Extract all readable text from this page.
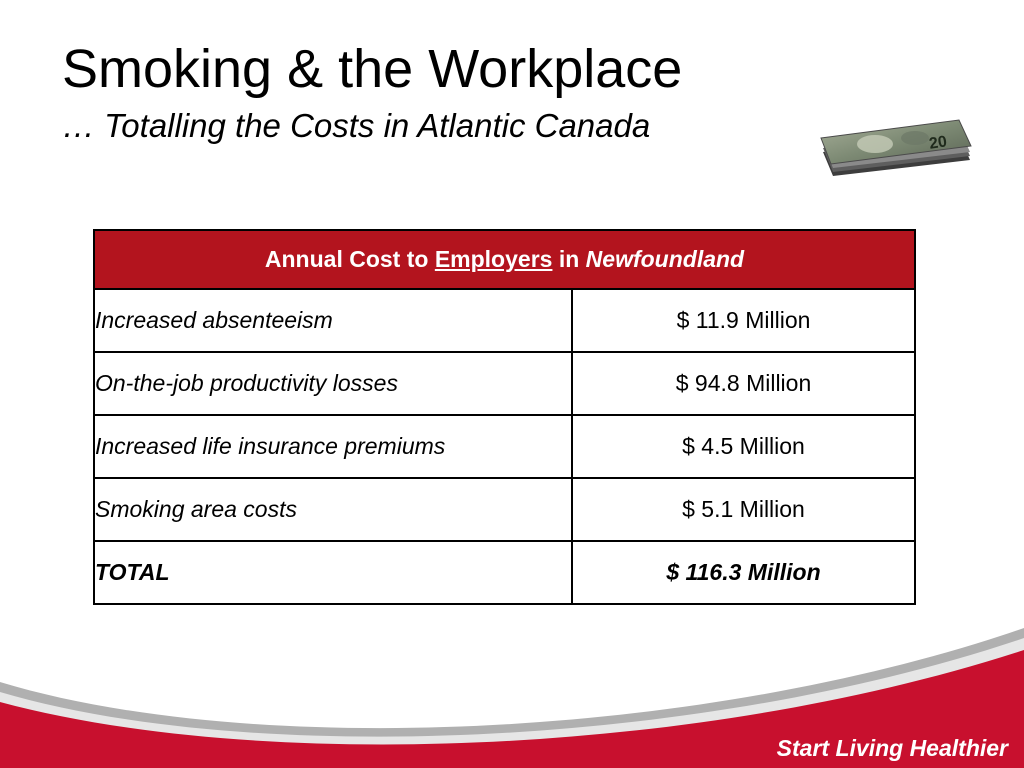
Smoking & the Workplace
… Totalling the Costs in Atlantic Canada	20
Annual Cost to Employers in Newfoundland	
Increased absenteeism	$ 11.9 Million
On-the-job productivity losses	$ 94.8 Million
Increased life insurance premiums	$ 4.5 Million
Smoking area costs	$ 5.1 Million
TOTAL	$ 116.3 Million
Start Living Healthier
